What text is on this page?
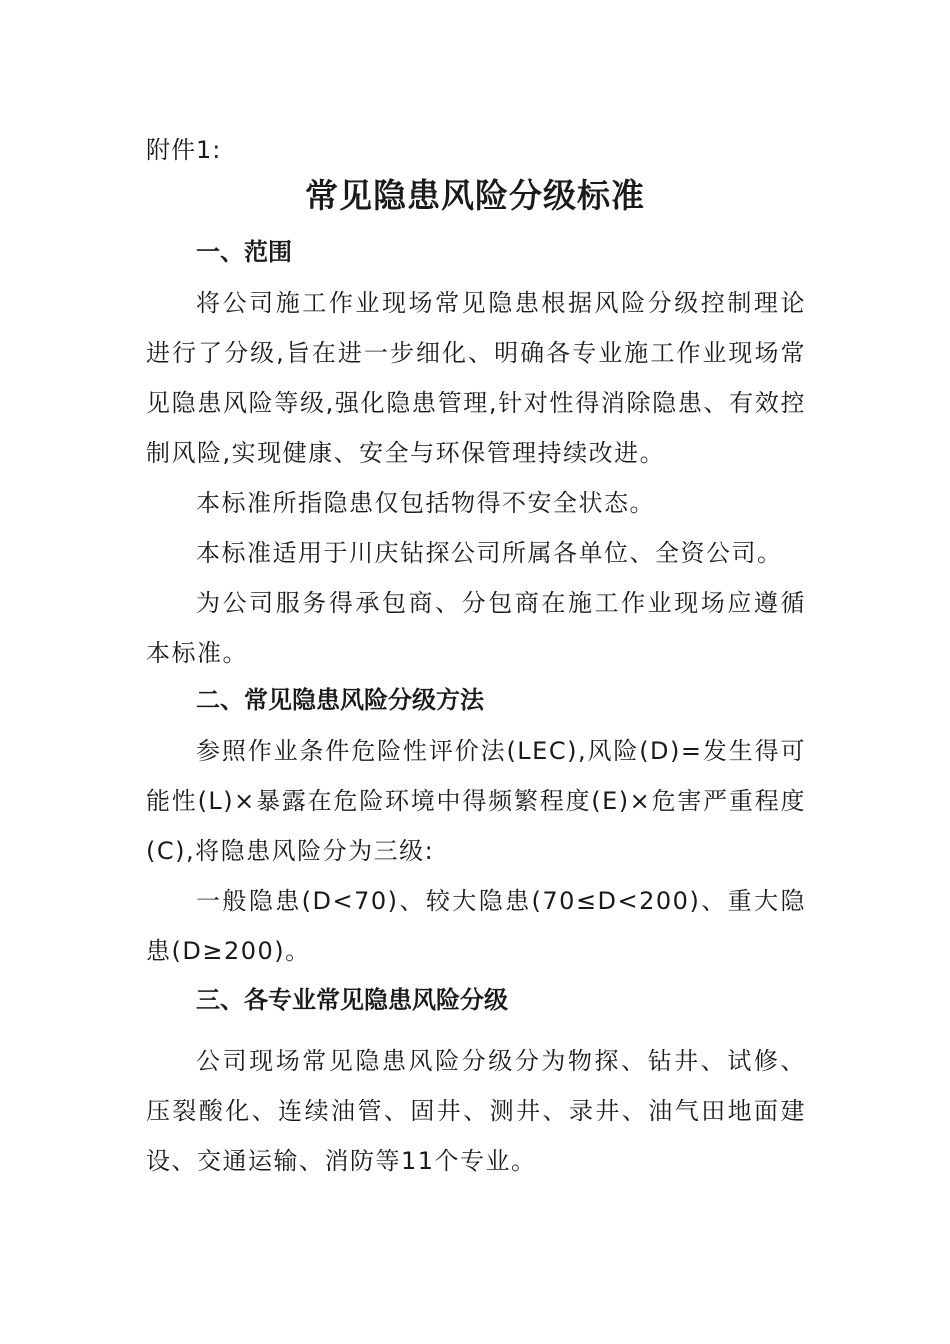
附件1:
常见隐患风险分级标准
一、范围
将公司施工作业现场常见隐患根据风险分级控制理论进行了分级,旨在进一步细化、明确各专业施工作业现场常见隐患风险等级,强化隐患管理,针对性得消除隐患、有效控制风险,实现健康、安全与环保管理持续改进。
本标准所指隐患仅包括物得不安全状态。
本标准适用于川庆钻探公司所属各单位、全资公司。
为公司服务得承包商、分包商在施工作业现场应遵循本标准。
二、常见隐患风险分级方法
参照作业条件危险性评价法(LEC),风险(D)=发生得可能性(L)×暴露在危险环境中得频繁程度(E)×危害严重程度(C),将隐患风险分为三级:
一般隐患(D<70)、较大隐患(70≤D<200)、重大隐患(D≥200)。
三、各专业常见隐患风险分级
公司现场常见隐患风险分级分为物探、钻井、试修、压裂酸化、连续油管、固井、测井、录井、油气田地面建设、交通运输、消防等11个专业。
